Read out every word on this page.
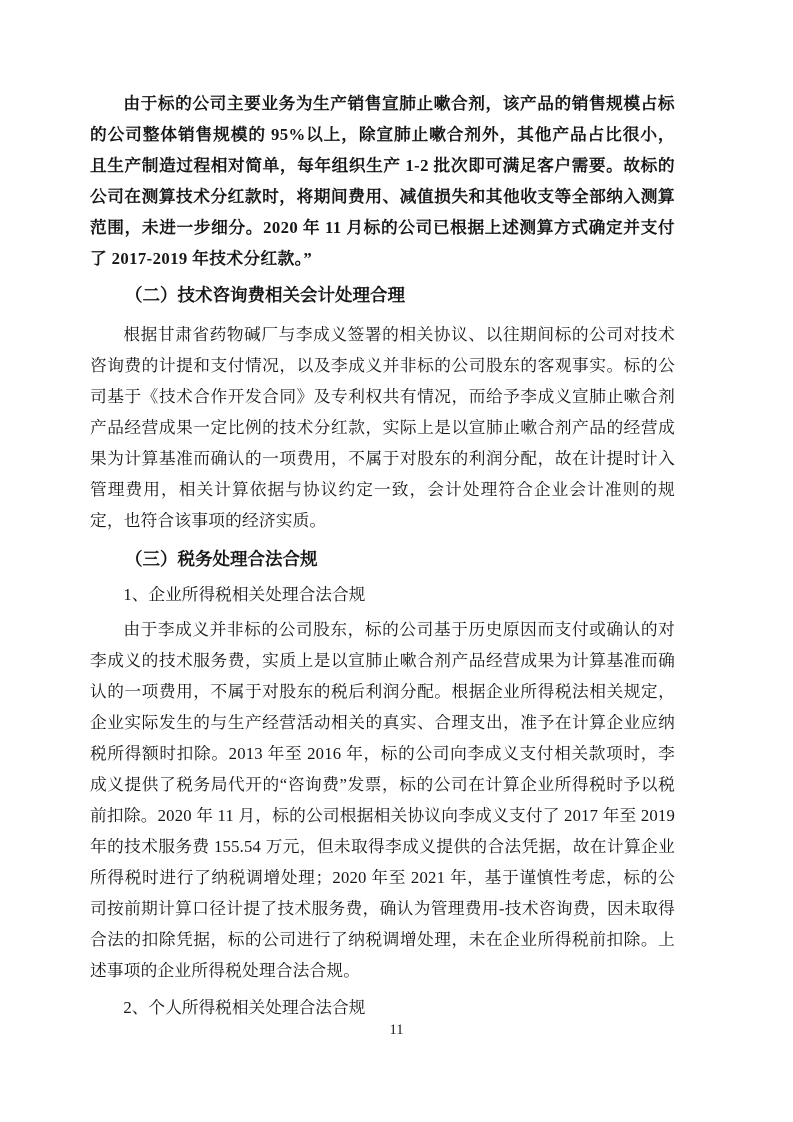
由于标的公司主要业务为生产销售宣肺止嗽合剂，该产品的销售规模占标的公司整体销售规模的 95%以上，除宣肺止嗽合剂外，其他产品占比很小，且生产制造过程相对简单，每年组织生产 1-2 批次即可满足客户需要。故标的公司在测算技术分红款时，将期间费用、减值损失和其他收支等全部纳入测算范围，未进一步细分。2020 年 11 月标的公司已根据上述测算方式确定并支付了 2017-2019 年技术分红款。”

（二）技术咨询费相关会计处理合理

根据甘肃省药物碱厂与李成义签署的相关协议、以往期间标的公司对技术咨询费的计提和支付情况，以及李成义并非标的公司股东的客观事实。标的公司基于《技术合作开发合同》及专利权共有情况，而给予李成义宣肺止嗽合剂产品经营成果一定比例的技术分红款，实际上是以宣肺止嗽合剂产品的经营成果为计算基准而确认的一项费用，不属于对股东的利润分配，故在计提时计入管理费用，相关计算依据与协议约定一致，会计处理符合企业会计准则的规定，也符合该事项的经济实质。

（三）税务处理合法合规
1、企业所得税相关处理合法合规

由于李成义并非标的公司股东，标的公司基于历史原因而支付或确认的对李成义的技术服务费，实质上是以宣肺止嗽合剂产品经营成果为计算基准而确认的一项费用，不属于对股东的税后利润分配。根据企业所得税法相关规定，企业实际发生的与生产经营活动相关的真实、合理支出，准予在计算企业应纳税所得额时扣除。2013 年至 2016 年，标的公司向李成义支付相关款项时，李成义提供了税务局代开的“咨询费”发票，标的公司在计算企业所得税时予以税前扣除。2020 年 11 月，标的公司根据相关协议向李成义支付了 2017 年至 2019 年的技术服务费 155.54 万元，但未取得李成义提供的合法凭据，故在计算企业所得税时进行了纳税调增处理；2020 年至 2021 年，基于谨慎性考虑，标的公司按前期计算口径计提了技术服务费，确认为管理费用-技术咨询费，因未取得合法的扣除凭据，标的公司进行了纳税调增处理，未在企业所得税前扣除。上述事项的企业所得税处理合法合规。

2、个人所得税相关处理合法合规
11
